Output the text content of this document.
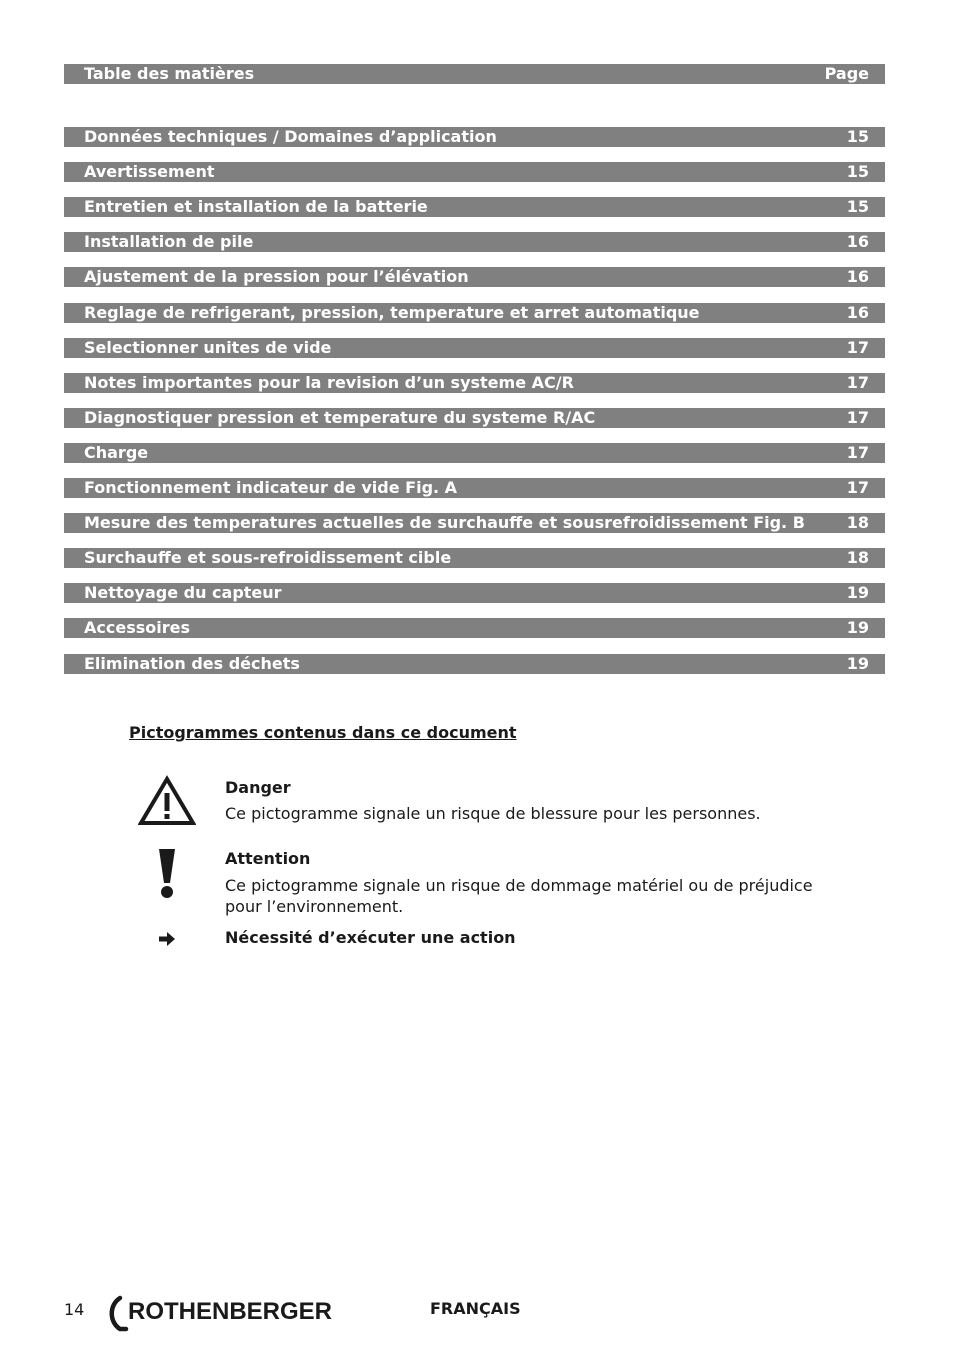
Table des matières	Page
Données techniques / Domaines d’application	15
Avertissement	15
Entretien et installation de la batterie	15
Installation de pile	16
Ajustement de la pression pour l’élévation	16
Reglage de refrigerant, pression, temperature et arret automatique	16
Selectionner unites de vide	17
Notes importantes pour la revision d’un systeme AC/R	17
Diagnostiquer pression et temperature du systeme R/AC	17
Charge	17
Fonctionnement indicateur de vide Fig. A	17
Mesure des temperatures actuelles de surchauffe et sousrefroidissement Fig. B	18
Surchauffe et sous-refroidissement cible	18
Nettoyage du capteur	19
Accessoires	19
Elimination des déchets	19
Pictogrammes contenus dans ce document
Danger
Ce pictogramme signale un risque de blessure pour les personnes.
Attention
Ce pictogramme signale un risque de dommage matériel ou de préjudice pour l’environnement.
Nécessité d’exécuter une action
14 ROTHENBERGER	FRANÇAIS
